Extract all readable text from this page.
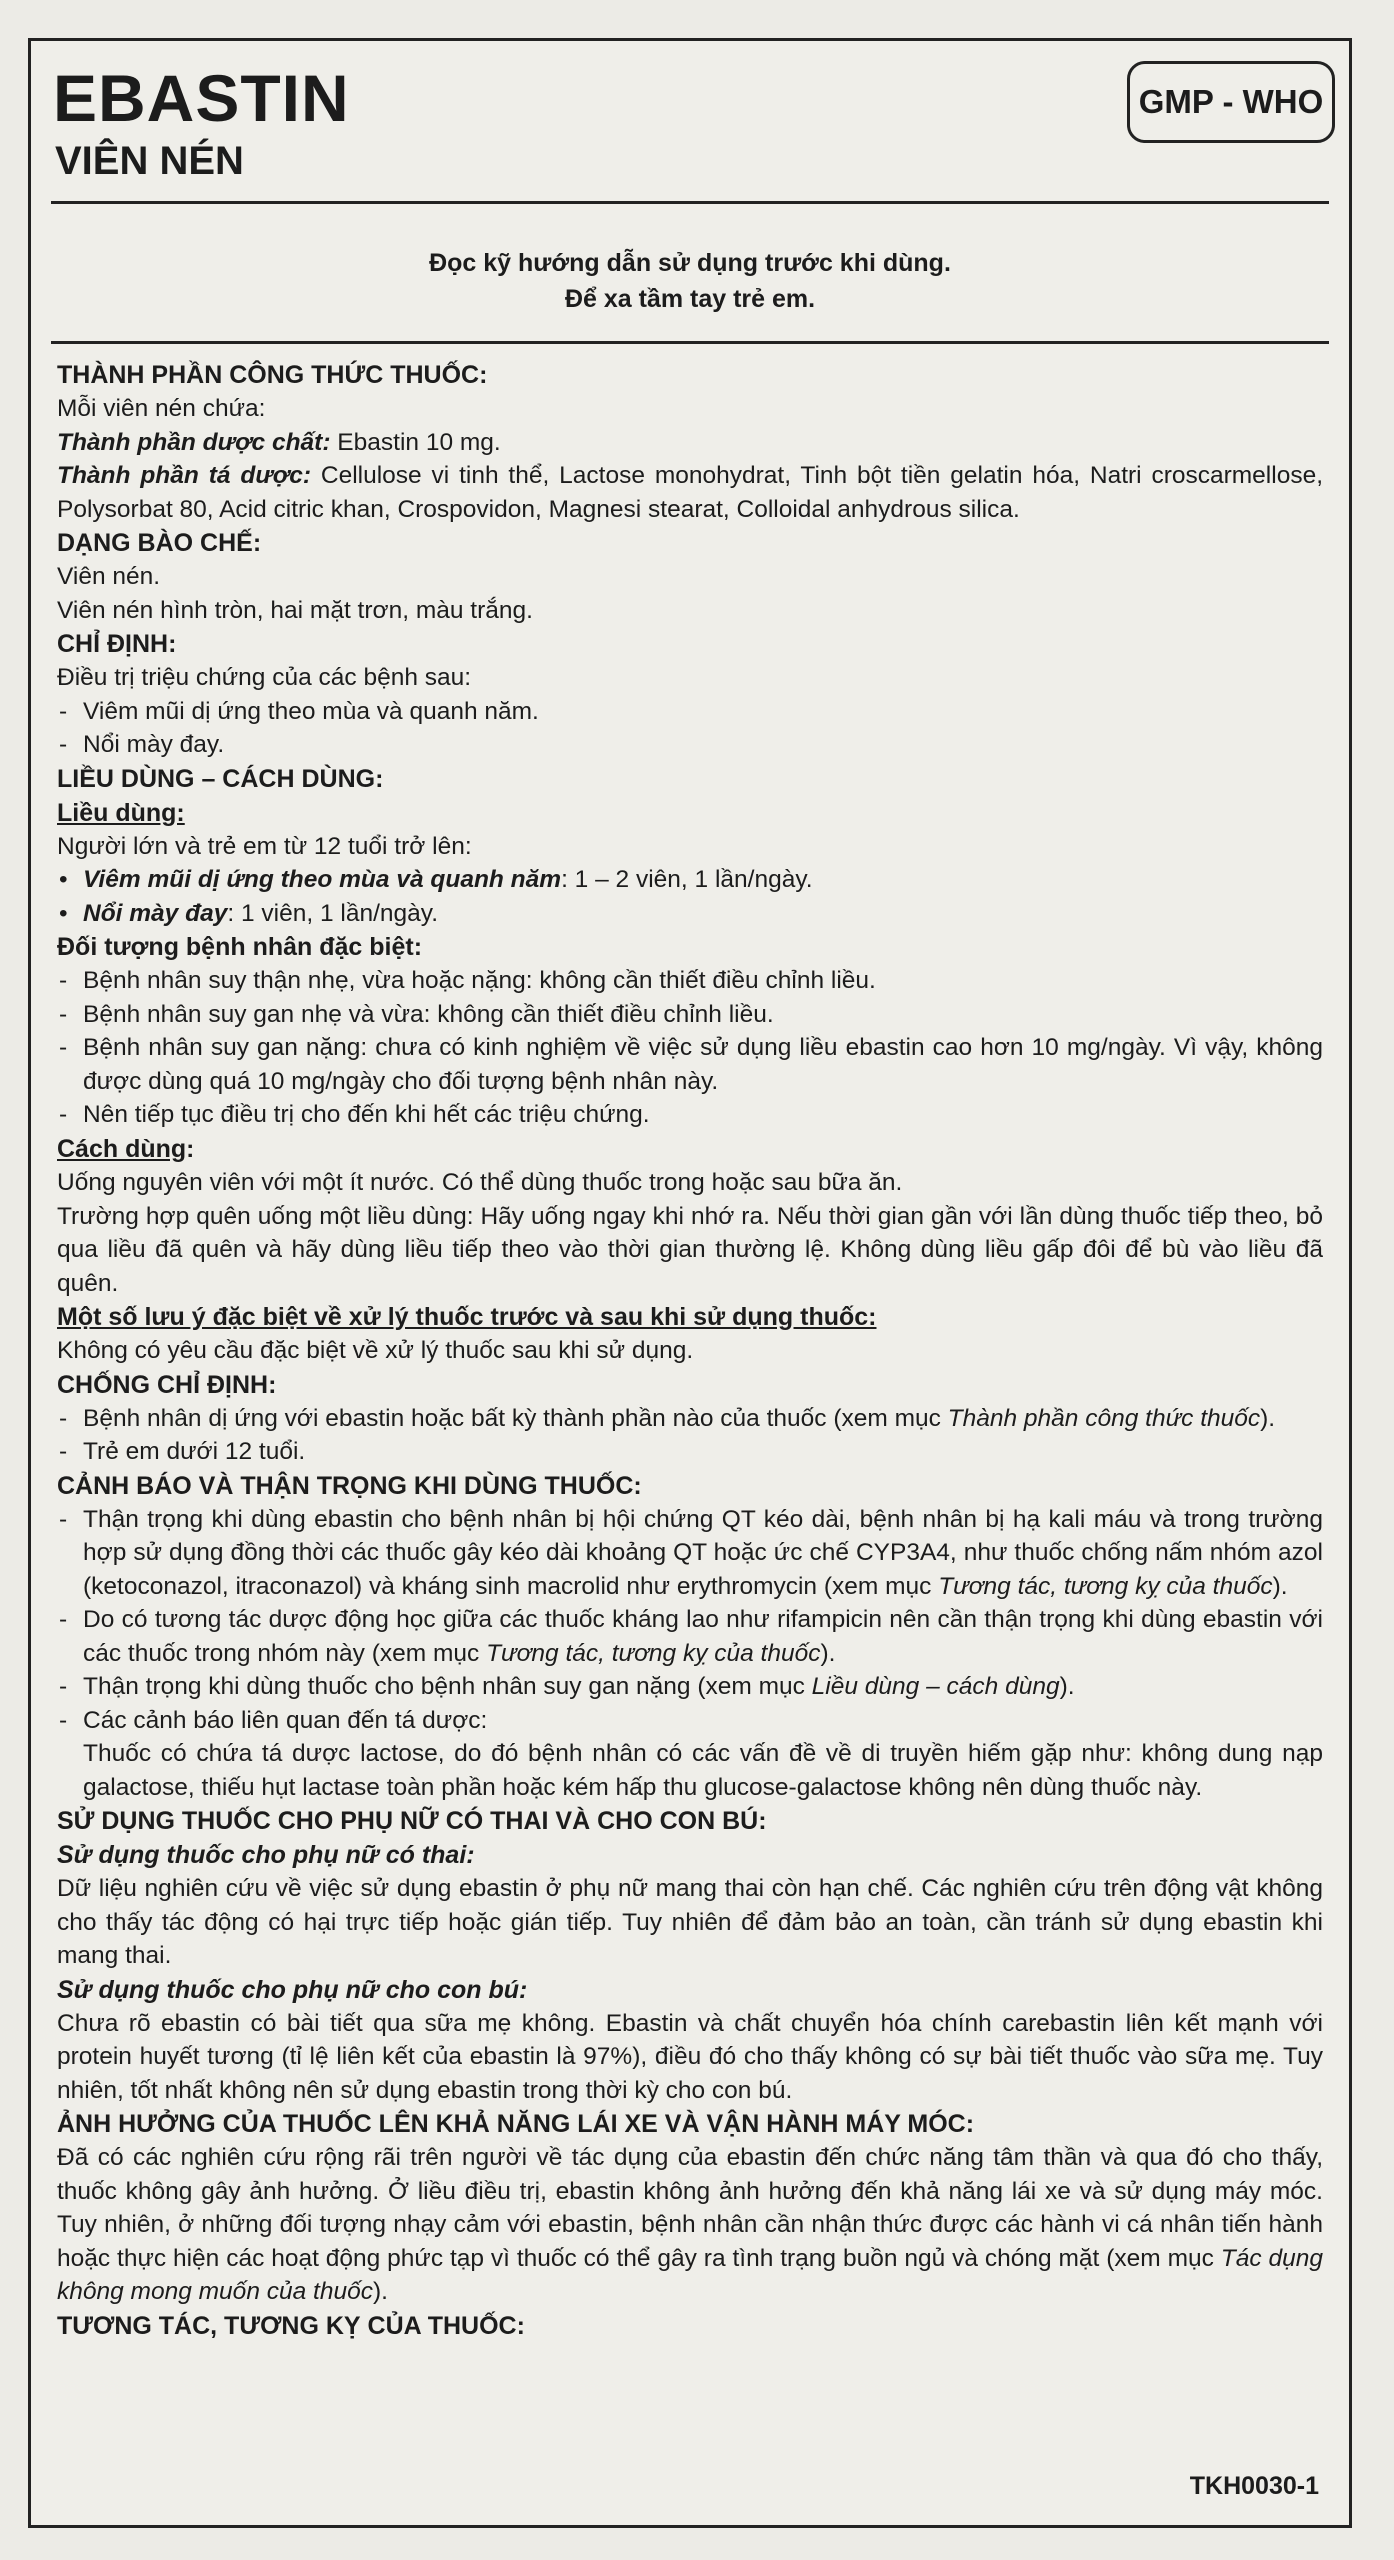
EBASTIN
VIÊN NÉN
GMP - WHO
Đọc kỹ hướng dẫn sử dụng trước khi dùng.
Để xa tầm tay trẻ em.
THÀNH PHẦN CÔNG THỨC THUỐC:

Mỗi viên nén chứa:

Thành phần dược chất: Ebastin 10 mg.

Thành phần tá dược: Cellulose vi tinh thể, Lactose monohydrat, Tinh bột tiền gelatin hóa, Natri croscarmellose, Polysorbat 80, Acid citric khan, Crospovidon, Magnesi stearat, Colloidal anhydrous silica.

DẠNG BÀO CHẾ:

Viên nén.

Viên nén hình tròn, hai mặt trơn, màu trắng.

CHỈ ĐỊNH:

Điều trị triệu chứng của các bệnh sau:

- Viêm mũi dị ứng theo mùa và quanh năm.
- Nổi mày đay.
LIỀU DÙNG – CÁCH DÙNG:

Liều dùng:

Người lớn và trẻ em từ 12 tuổi trở lên:

• Viêm mũi dị ứng theo mùa và quanh năm: 1 – 2 viên, 1 lần/ngày.
• Nổi mày đay: 1 viên, 1 lần/ngày.

Đối tượng bệnh nhân đặc biệt:

- Bệnh nhân suy thận nhẹ, vừa hoặc nặng: không cần thiết điều chỉnh liều.
- Bệnh nhân suy gan nhẹ và vừa: không cần thiết điều chỉnh liều.
- Bệnh nhân suy gan nặng: chưa có kinh nghiệm về việc sử dụng liều ebastin cao hơn 10 mg/ngày. Vì vậy, không được dùng quá 10 mg/ngày cho đối tượng bệnh nhân này.
- Nên tiếp tục điều trị cho đến khi hết các triệu chứng.

Cách dùng:

Uống nguyên viên với một ít nước. Có thể dùng thuốc trong hoặc sau bữa ăn.

Trường hợp quên uống một liều dùng: Hãy uống ngay khi nhớ ra. Nếu thời gian gần với lần dùng thuốc tiếp theo, bỏ qua liều đã quên và hãy dùng liều tiếp theo vào thời gian thường lệ. Không dùng liều gấp đôi để bù vào liều đã quên.

Một số lưu ý đặc biệt về xử lý thuốc trước và sau khi sử dụng thuốc:

Không có yêu cầu đặc biệt về xử lý thuốc sau khi sử dụng.

CHỐNG CHỈ ĐỊNH:
- Bệnh nhân dị ứng với ebastin hoặc bất kỳ thành phần nào của thuốc (xem mục Thành phần công thức thuốc).
- Trẻ em dưới 12 tuổi.
CẢNH BÁO VÀ THẬN TRỌNG KHI DÙNG THUỐC:
- Thận trọng khi dùng ebastin cho bệnh nhân bị hội chứng QT kéo dài, bệnh nhân bị hạ kali máu và trong trường hợp sử dụng đồng thời các thuốc gây kéo dài khoảng QT hoặc ức chế CYP3A4, như thuốc chống nấm nhóm azol (ketoconazol, itraconazol) và kháng sinh macrolid như erythromycin (xem mục Tương tác, tương kỵ của thuốc).
- Do có tương tác dược động học giữa các thuốc kháng lao như rifampicin nên cần thận trọng khi dùng ebastin với các thuốc trong nhóm này (xem mục Tương tác, tương kỵ của thuốc).
- Thận trọng khi dùng thuốc cho bệnh nhân suy gan nặng (xem mục Liều dùng – cách dùng).
- Các cảnh báo liên quan đến tá dược:

Thuốc có chứa tá dược lactose, do đó bệnh nhân có các vấn đề về di truyền hiếm gặp như: không dung nạp galactose, thiếu hụt lactase toàn phần hoặc kém hấp thu glucose-galactose không nên dùng thuốc này.

SỬ DỤNG THUỐC CHO PHỤ NỮ CÓ THAI VÀ CHO CON BÚ:

Sử dụng thuốc cho phụ nữ có thai:

Dữ liệu nghiên cứu về việc sử dụng ebastin ở phụ nữ mang thai còn hạn chế. Các nghiên cứu trên động vật không cho thấy tác động có hại trực tiếp hoặc gián tiếp. Tuy nhiên để đảm bảo an toàn, cần tránh sử dụng ebastin khi mang thai.

Sử dụng thuốc cho phụ nữ cho con bú:

Chưa rõ ebastin có bài tiết qua sữa mẹ không. Ebastin và chất chuyển hóa chính carebastin liên kết mạnh với protein huyết tương (tỉ lệ liên kết của ebastin là 97%), điều đó cho thấy không có sự bài tiết thuốc vào sữa mẹ. Tuy nhiên, tốt nhất không nên sử dụng ebastin trong thời kỳ cho con bú.

ẢNH HƯỞNG CỦA THUỐC LÊN KHẢ NĂNG LÁI XE VÀ VẬN HÀNH MÁY MÓC:

Đã có các nghiên cứu rộng rãi trên người về tác dụng của ebastin đến chức năng tâm thần và qua đó cho thấy, thuốc không gây ảnh hưởng. Ở liều điều trị, ebastin không ảnh hưởng đến khả năng lái xe và sử dụng máy móc. Tuy nhiên, ở những đối tượng nhạy cảm với ebastin, bệnh nhân cần nhận thức được các hành vi cá nhân tiến hành hoặc thực hiện các hoạt động phức tạp vì thuốc có thể gây ra tình trạng buồn ngủ và chóng mặt (xem mục Tác dụng không mong muốn của thuốc).

TƯƠNG TÁC, TƯƠNG KỴ CỦA THUỐC:
TKH0030-1
